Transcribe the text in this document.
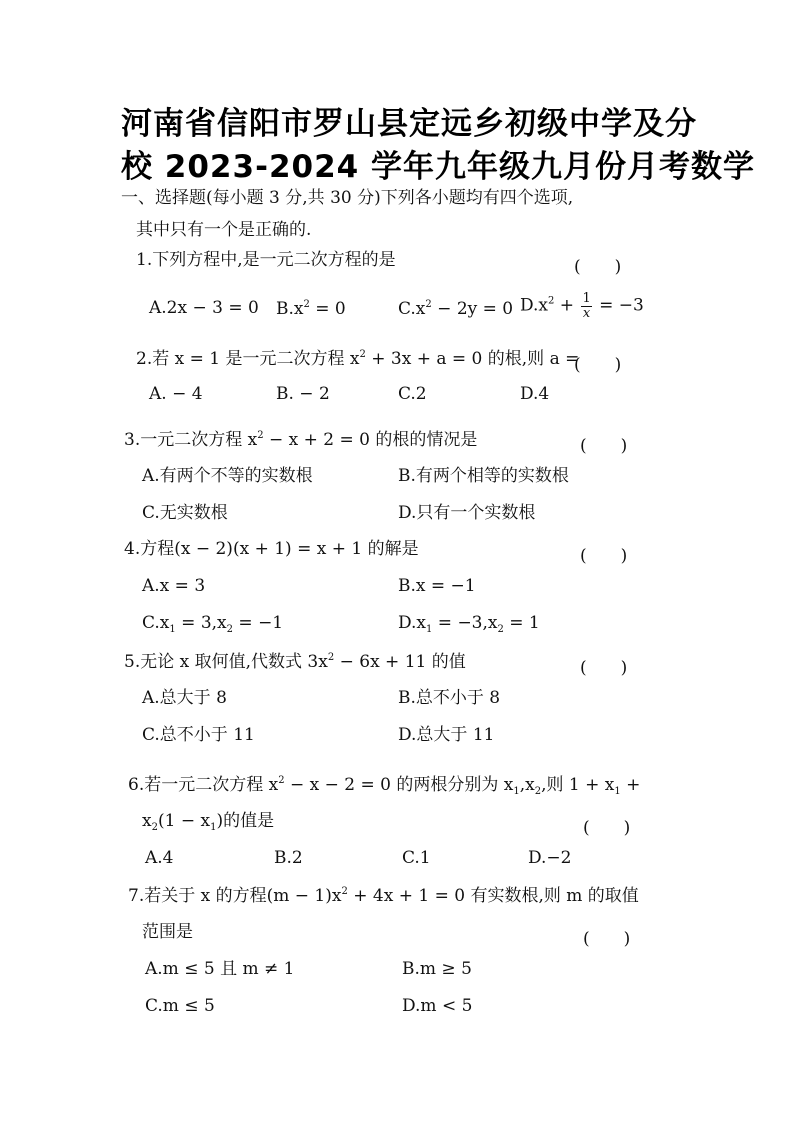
河南省信阳市罗山县定远乡初级中学及分
校 2023-2024 学年九年级九月份月考数学
一、选择题(每小题 3 分,共 30 分)下列各小题均有四个选项,
其中只有一个是正确的.
1.下列方程中,是一元二次方程的是	(　　)
A.2x − 3 = 0 $B.x^2 = 0$	$C.x^2 - 2y = 0$ $D.x^2 + \frac{1}{x} = -3$
2.若 x = 1 是一元二次方程 $x^2 + 3x + a = 0$ 的根,则 a =
(　　)
A. − 4	B. − 2	C.2	D.4
3.一元二次方程 $x^2 - x + 2 = 0$ 的根的情况是	(　　)
A.有两个不等的实数根	B.有两个相等的实数根
C.无实数根	D.只有一个实数根
4.方程(x − 2)(x + 1) = x + 1 的解是	(　　)
A.x = 3	B.x = −1
$C.x_1 = 3,x_2 = -1$	$D.x_1 = -3,x_2 = 1$
5.无论 x 取何值,代数式 $3x^2 - 6x + 11$ 的值	(　　)
A.总大于 8	B.总不小于 8
C.总不小于 11	D.总大于 11
6.若一元二次方程 $x^2 - x - 2 = 0$ 的两根分别为 $x_1,x_2$,则 $1 + x_1$ +
$x_2(1 - x_1)$的值是	(　　)
A.4	B.2	C.1	D.−2
7.若关于 x 的方程$(m - 1)x^2 + 4x + 1 = 0$ 有实数根,则 m 的取值
范围是	(　　)
A.m ≤ 5 且 m ≠ 1	B.m ≥ 5
C.m ≤ 5	D.m < 5
